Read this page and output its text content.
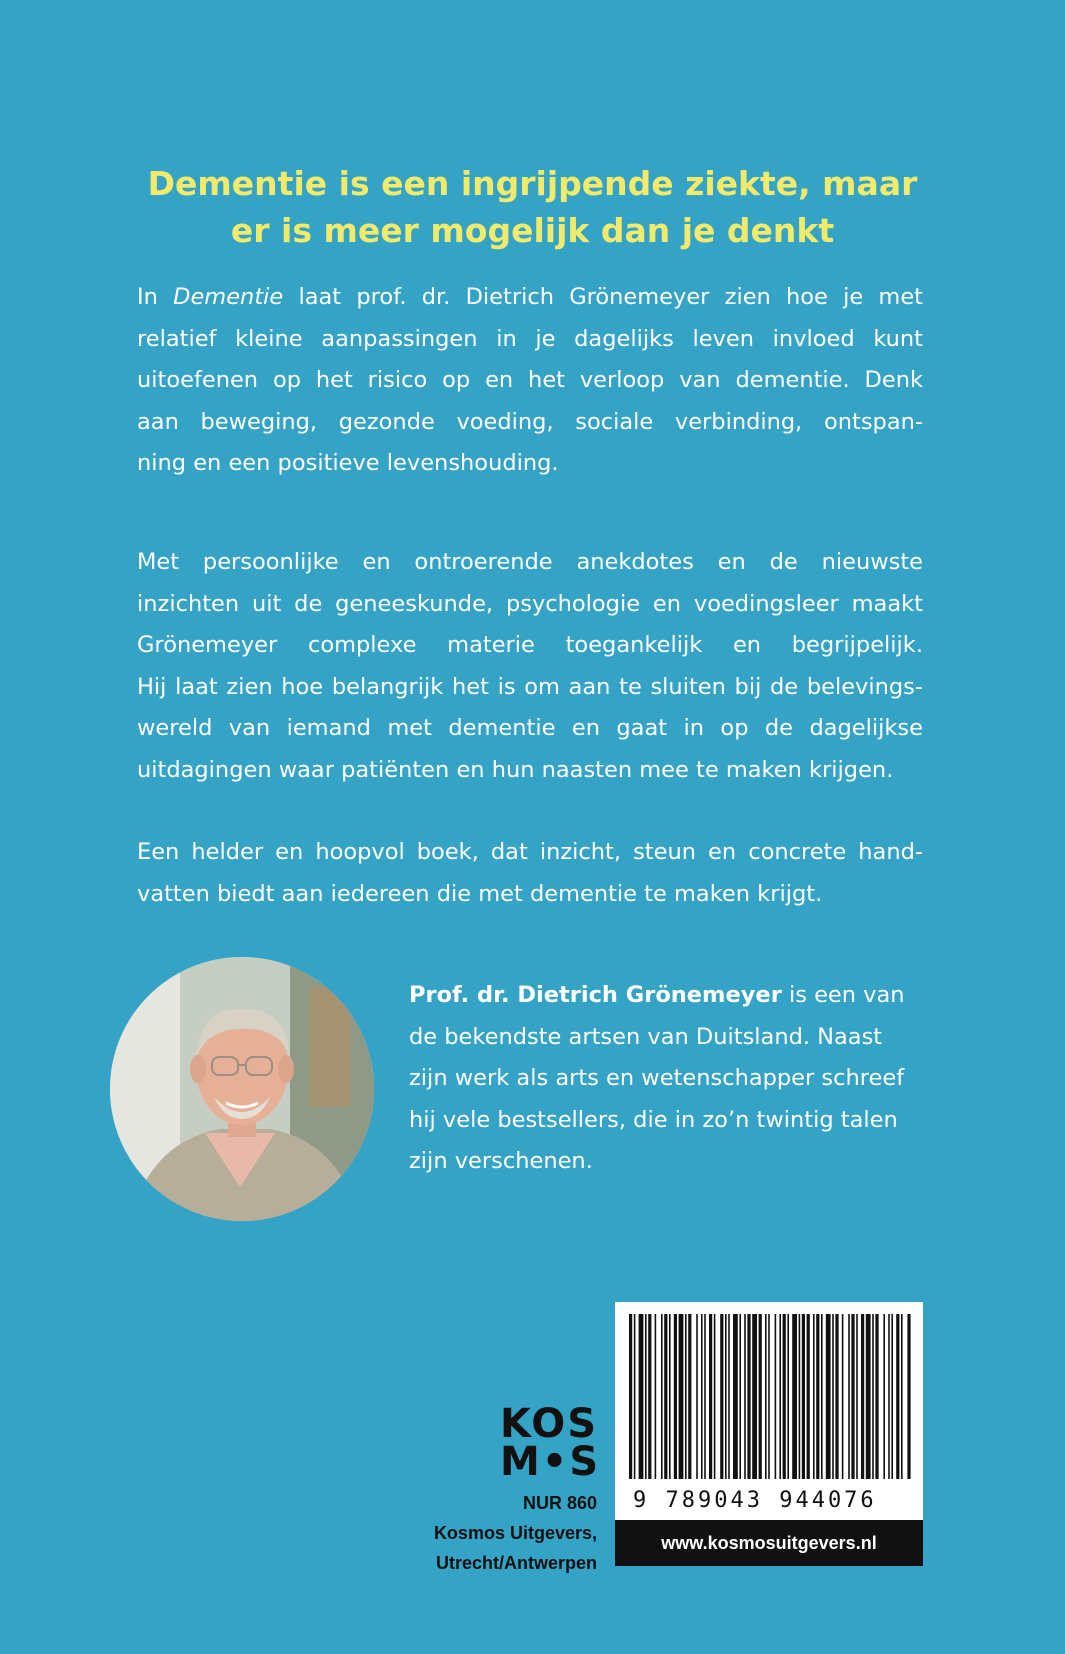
Dementie is een ingrijpende ziekte, maar
er is meer mogelijk dan je denkt
In Dementie laat prof. dr. Dietrich Grönemeyer zien hoe je met
relatief kleine aanpassingen in je dagelijks leven invloed kunt
uitoefenen op het risico op en het verloop van dementie. Denk
aan beweging, gezonde voeding, sociale verbinding, ontspan-
ning en een positieve levenshouding.
Met persoonlijke en ontroerende anekdotes en de nieuwste
inzichten uit de geneeskunde, psychologie en voedingsleer maakt
Grönemeyer complexe materie toegankelijk en begrijpelijk.
Hij laat zien hoe belangrijk het is om aan te sluiten bij de belevings-
wereld van iemand met dementie en gaat in op de dagelijkse
uitdagingen waar patiënten en hun naasten mee te maken krijgen.
Een helder en hoopvol boek, dat inzicht, steun en concrete hand-
vatten biedt aan iedereen die met dementie te maken krijgt.
Prof. dr. Dietrich Grönemeyer is een van
de bekendste artsen van Duitsland. Naast
zijn werk als arts en wetenschapper schreef
hij vele bestsellers, die in zo’n twintig talen
zijn verschenen.
KOS
M•S
NUR 860
Kosmos Uitgevers,
Utrecht/Antwerpen
9 789043 944076
www.kosmosuitgevers.nl
